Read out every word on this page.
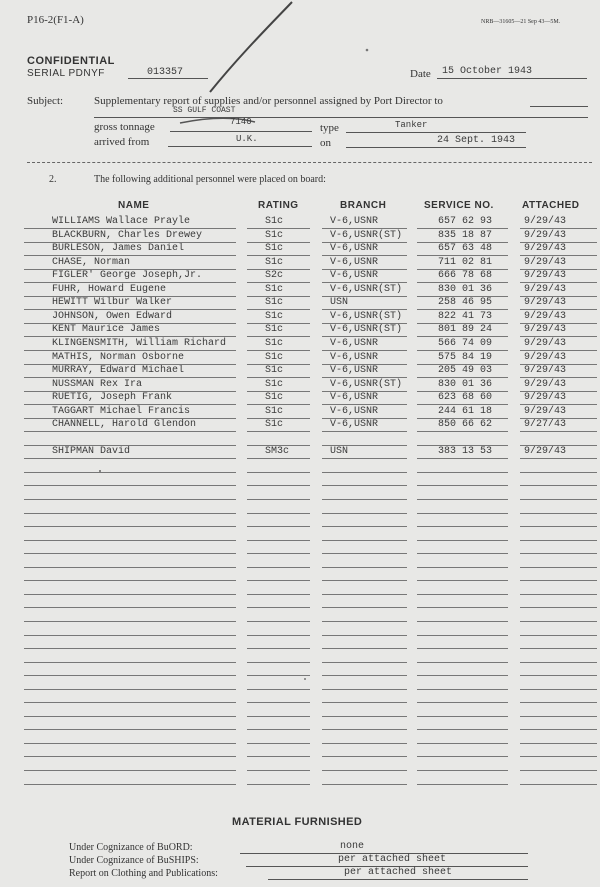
P16-2(F1-A)	NRB—31605—21 Sep 43—5M.
CONFIDENTIAL
SERIAL PDNYF	013357	Date 15 October 1943
Subject:	Supplementary report of supplies and/or personnel assigned by Port Director to
SS GULF COAST
gross tonnage	7140	type	Tanker
arrived from	U.K.	on	24 Sept. 1943
2.	The following additional personnel were placed on board:
NAME	RATING	BRANCH	SERVICE NO.	ATTACHED
WILLIAMS Wallace Prayle	S1c	V-6,USNR	657 62 93	9/29/43
BLACKBURN, Charles Drewey	S1c	V-6,USNR(ST)	835 18 87	9/29/43
BURLESON, James Daniel	S1c	V-6,USNR	657 63 48	9/29/43
CHASE, Norman	S1c	V-6,USNR	711 02 81	9/29/43
FIGLER' George Joseph,Jr.	S2c	V-6,USNR	666 78 68	9/29/43
FUHR, Howard Eugene	S1c	V-6,USNR(ST)	830 01 36	9/29/43
HEWITT Wilbur Walker	S1c	USN	258 46 95	9/29/43
JOHNSON, Owen Edward	S1c	V-6,USNR(ST)	822 41 73	9/29/43
KENT Maurice James	S1c	V-6,USNR(ST)	801 89 24	9/29/43
KLINGENSMITH, William Richard	S1c	V-6,USNR	566 74 09	9/29/43
MATHIS, Norman Osborne	S1c	V-6,USNR	575 84 19	9/29/43
MURRAY, Edward Michael	S1c	V-6,USNR	205 49 03	9/29/43
NUSSMAN Rex Ira	S1c	V-6,USNR(ST)	830 01 36	9/29/43
RUETIG, Joseph Frank	S1c	V-6,USNR	623 68 60	9/29/43
TAGGART Michael Francis	S1c	V-6,USNR	244 61 18	9/29/43
CHANNELL, Harold Glendon	S1c	V-6,USNR	850 66 62	9/27/43
SHIPMAN David	SM3c	USN	383 13 53	9/29/43
MATERIAL FURNISHED
Under Cognizance of BuORD:	none
Under Cognizance of BuSHIPS:	per attached sheet
Report on Clothing and Publications:	per attached sheet
